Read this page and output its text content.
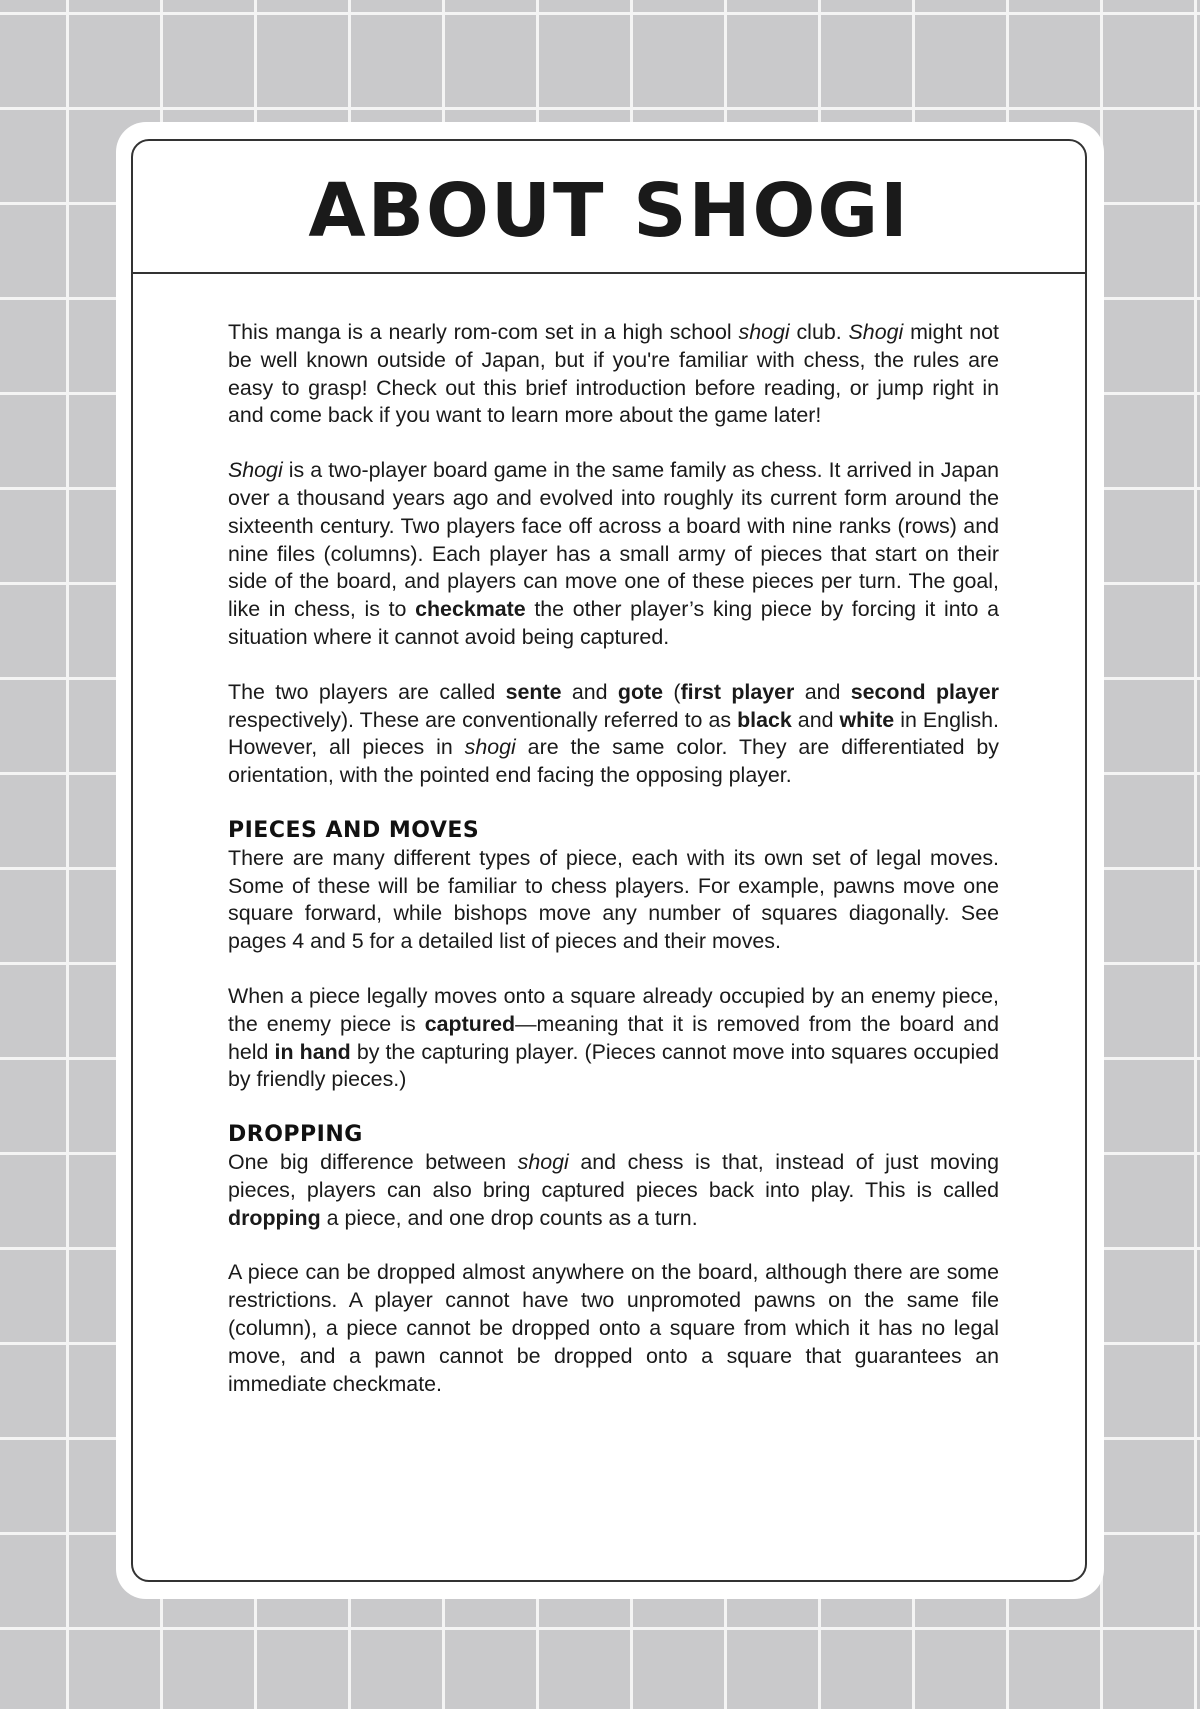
ABOUT SHOGI

This manga is a nearly rom-com set in a high school shogi club. Shogi might not be well known outside of Japan, but if you're familiar with chess, the rules are easy to grasp! Check out this brief introduction before reading, or jump right in and come back if you want to learn more about the game later!

Shogi is a two-player board game in the same family as chess. It arrived in Japan over a thousand years ago and evolved into roughly its current form around the sixteenth century. Two players face off across a board with nine ranks (rows) and nine files (columns). Each player has a small army of pieces that start on their side of the board, and players can move one of these pieces per turn. The goal, like in chess, is to checkmate the other player’s king piece by forcing it into a situation where it cannot avoid being captured.

The two players are called sente and gote (first player and second player respectively). These are conventionally referred to as black and white in English. However, all pieces in shogi are the same color. They are differentiated by orientation, with the pointed end facing the opposing player.

PIECES AND MOVES

There are many different types of piece, each with its own set of legal moves. Some of these will be familiar to chess players. For example, pawns move one square forward, while bishops move any number of squares diagonally. See pages 4 and 5 for a detailed list of pieces and their moves.

When a piece legally moves onto a square already occupied by an enemy piece, the enemy piece is captured—meaning that it is removed from the board and held in hand by the capturing player. (Pieces cannot move into squares occupied by friendly pieces.)

DROPPING

One big difference between shogi and chess is that, instead of just moving pieces, players can also bring captured pieces back into play. This is called dropping a piece, and one drop counts as a turn.

A piece can be dropped almost anywhere on the board, although there are some restrictions. A player cannot have two unpromoted pawns on the same file (column), a piece cannot be dropped onto a square from which it has no legal move, and a pawn cannot be dropped onto a square that guarantees an immediate checkmate.
